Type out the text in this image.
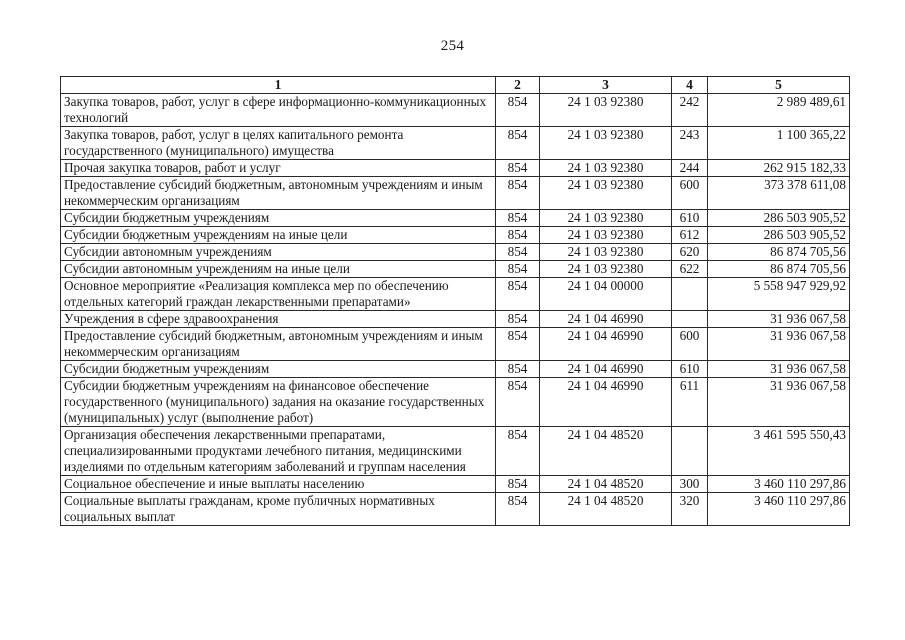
254
1	2	3	4	5
Закупка товаров, работ, услуг в сфере информационно-коммуникационных технологий	854	24 1 03 92380	242	2 989 489,61
Закупка товаров, работ, услуг в целях капитального ремонта государственного (муниципального) имущества	854	24 1 03 92380	243	1 100 365,22
Прочая закупка товаров, работ и услуг	854	24 1 03 92380	244	262 915 182,33
Предоставление субсидий бюджетным, автономным учреждениям и иным некоммерческим организациям	854	24 1 03 92380	600	373 378 611,08
Субсидии бюджетным учреждениям	854	24 1 03 92380	610	286 503 905,52
Субсидии бюджетным учреждениям на иные цели	854	24 1 03 92380	612	286 503 905,52
Субсидии автономным учреждениям	854	24 1 03 92380	620	86 874 705,56
Субсидии автономным учреждениям на иные цели	854	24 1 03 92380	622	86 874 705,56
Основное мероприятие «Реализация комплекса мер по обеспечению отдельных категорий граждан лекарственными препаратами»	854	24 1 04 00000		5 558 947 929,92
Учреждения в сфере здравоохранения	854	24 1 04 46990		31 936 067,58
Предоставление субсидий бюджетным, автономным учреждениям и иным некоммерческим организациям	854	24 1 04 46990	600	31 936 067,58
Субсидии бюджетным учреждениям	854	24 1 04 46990	610	31 936 067,58
Субсидии бюджетным учреждениям на финансовое обеспечение государственного (муниципального) задания на оказание государственных (муниципальных) услуг (выполнение работ)	854	24 1 04 46990	611	31 936 067,58
Организация обеспечения лекарственными препаратами, специализированными продуктами лечебного питания, медицинскими изделиями по отдельным категориям заболеваний и группам населения	854	24 1 04 48520		3 461 595 550,43
Социальное обеспечение и иные выплаты населению	854	24 1 04 48520	300	3 460 110 297,86
Социальные выплаты гражданам, кроме публичных нормативных социальных выплат	854	24 1 04 48520	320	3 460 110 297,86
